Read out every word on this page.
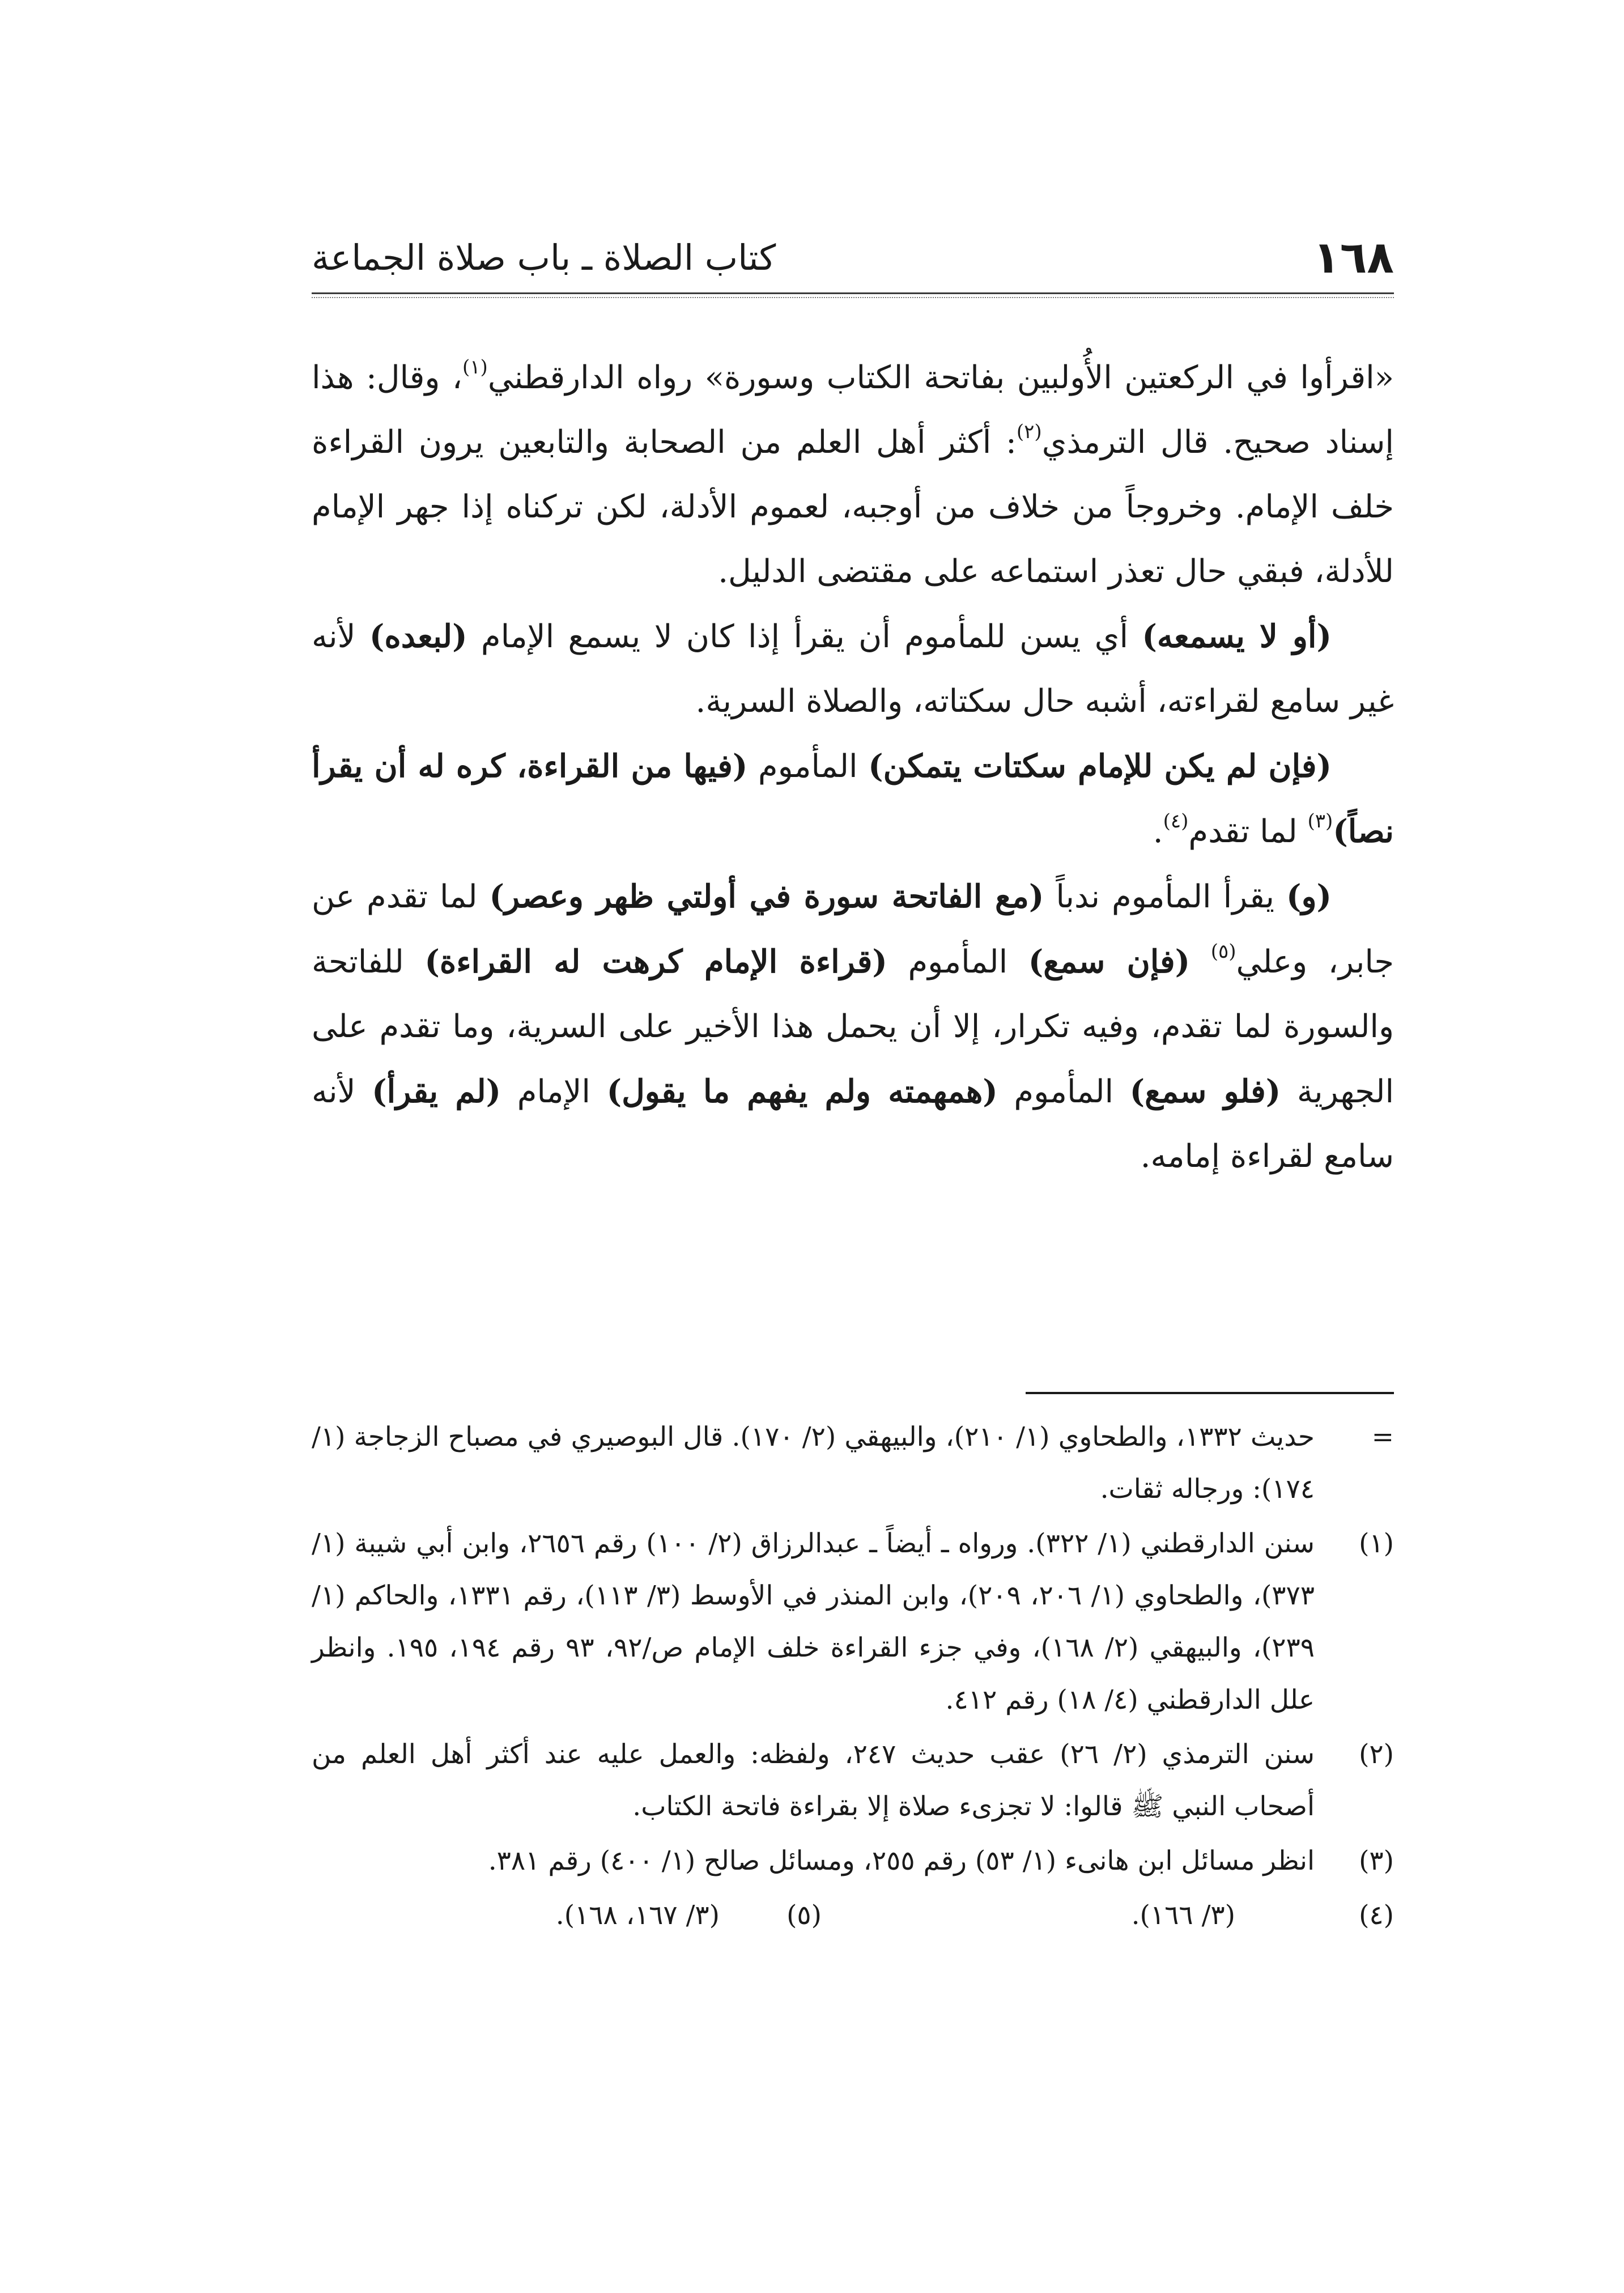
١٦٨
كتاب الصلاة ـ باب صلاة الجماعة

«اقرأوا في الركعتين الأُولبين بفاتحة الكتاب وسورة» رواه الدارقطني$^{(١)}$، وقال: هذا إسناد صحيح. قال الترمذي$^{(٢)}$: أكثر أهل العلم من الصحابة والتابعين يرون القراءة خلف الإمام. وخروجاً من خلاف من أوجبه، لعموم الأدلة، لكن تركناه إذا جهر الإمام للأدلة، فبقي حال تعذر استماعه على مقتضى الدليل.

(أو لا يسمعه) أي يسن للمأموم أن يقرأ إذا كان لا يسمع الإمام (لبعده) لأنه غير سامع لقراءته، أشبه حال سكتاته، والصلاة السرية.

(فإن لم يكن للإمام سكتات يتمكن) المأموم (فيها من القراءة، كره له أن يقرأ نصاً)$^{(٣)}$ لما تقدم$^{(٤)}$.

(و) يقرأ المأموم ندباً (مع الفاتحة سورة في أولتي ظهر وعصر) لما تقدم عن جابر، وعلي$^{(٥)}$ (فإن سمع) المأموم (قراءة الإمام كرهت له القراءة) للفاتحة والسورة لما تقدم، وفيه تكرار، إلا أن يحمل هذا الأخير على السرية، وما تقدم على الجهرية (فلو سمع) المأموم (همهمته ولم يفهم ما يقول) الإمام (لم يقرأ) لأنه سامع لقراءة إمامه.

=
حديث ١٣٣٢، والطحاوي (١/ ٢١٠)، والبيهقي (٢/ ١٧٠). قال البوصيري في مصباح الزجاجة (١/ ١٧٤): ورجاله ثقات.

(١)
سنن الدارقطني (١/ ٣٢٢). ورواه ـ أيضاً ـ عبدالرزاق (٢/ ١٠٠) رقم ٢٦٥٦، وابن أبي شيبة (١/ ٣٧٣)، والطحاوي (١/ ٢٠٦، ٢٠٩)، وابن المنذر في الأوسط (٣/ ١١٣)، رقم ١٣٣١، والحاكم (١/ ٢٣٩)، والبيهقي (٢/ ١٦٨)، وفي جزء القراءة خلف الإمام ص/٩٢، ٩٣ رقم ١٩٤، ١٩٥. وانظر علل الدارقطني (٤/ ١٨) رقم ٤١٢.

(٢)
سنن الترمذي (٢/ ٢٦) عقب حديث ٢٤٧، ولفظه: والعمل عليه عند أكثر أهل العلم من أصحاب النبي ﷺ قالوا: لا تجزىء صلاة إلا بقراءة فاتحة الكتاب.

(٣)
انظر مسائل ابن هانىء (١/ ٥٣) رقم ٢٥٥، ومسائل صالح (١/ ٤٠٠) رقم ٣٨١.

(٤)
(٣/ ١٦٦).
(٥)
(٣/ ١٦٧، ١٦٨).
